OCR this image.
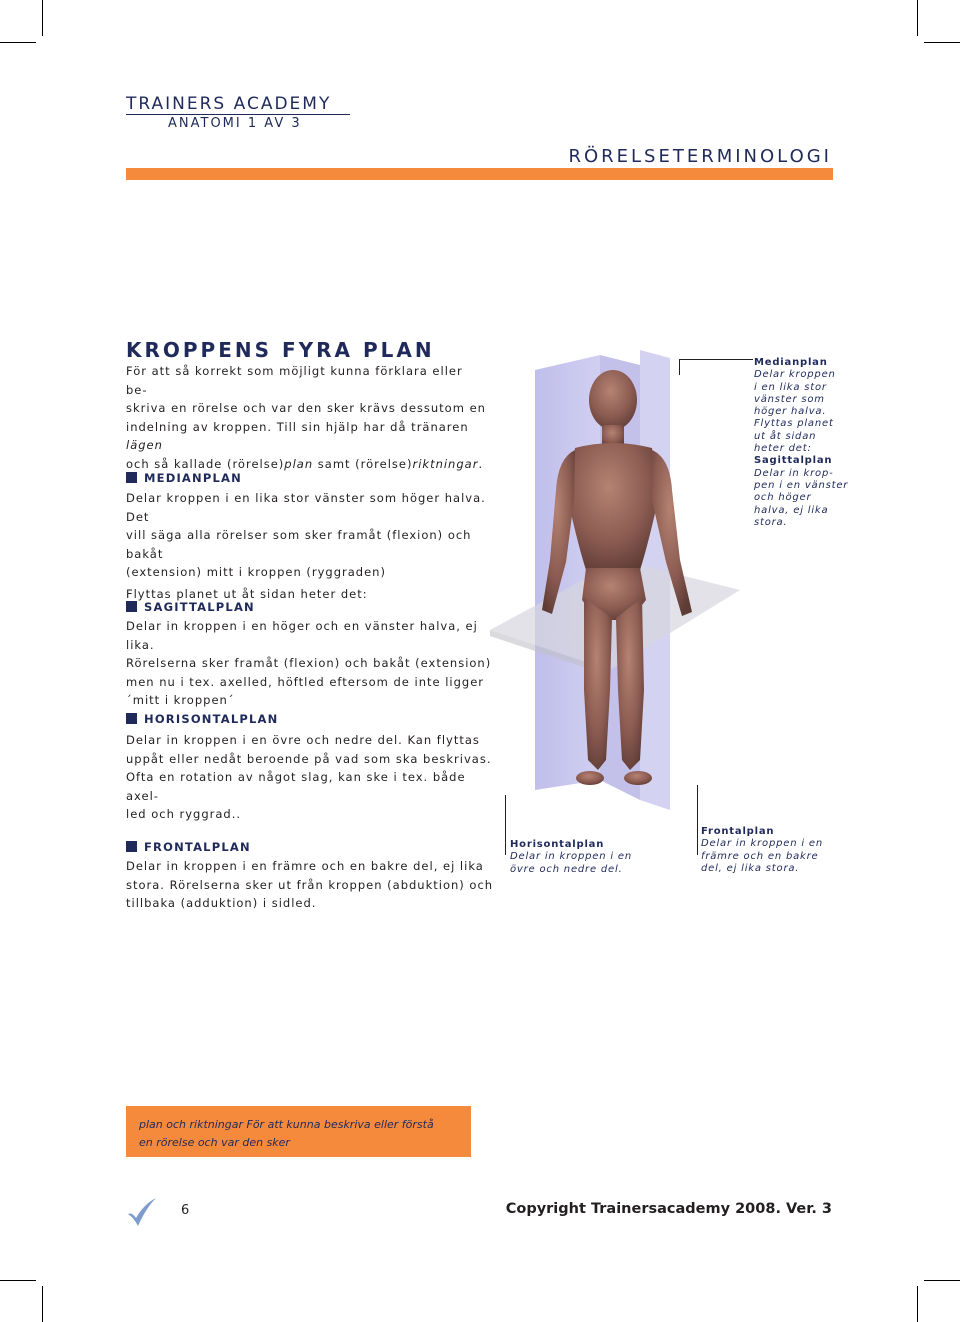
TRAINERS ACADEMY
ANATOMI 1 AV 3
RÖRELSETERMINOLOGI
KROPPENS FYRA PLAN
För att så korrekt som möjligt kunna förklara eller be-
skriva en rörelse och var den sker krävs dessutom en
indelning av kroppen. Till sin hjälp har då tränaren lägen
och så kallade (rörelse)plan samt (rörelse)riktningar.
MEDIANPLAN
Delar kroppen i en lika stor vänster som höger halva. Det
vill säga alla rörelser som sker framåt (flexion) och bakåt
(extension) mitt i kroppen (ryggraden)
Flyttas planet ut åt sidan heter det:
SAGITTALPLAN
Delar in kroppen i en höger och en vänster halva, ej lika.
Rörelserna sker framåt (flexion) och bakåt (extension)
men nu i tex. axelled, höftled eftersom de inte ligger
´mitt i kroppen´
HORISONTALPLAN
Delar in kroppen i en övre och nedre del. Kan flyttas
uppåt eller nedåt beroende på vad som ska beskrivas.
Ofta en rotation av något slag, kan ske i tex. både axel-
led och ryggrad..
FRONTALPLAN
Delar in kroppen i en främre och en bakre del, ej lika
stora. Rörelserna sker ut från kroppen (abduktion) och
tillbaka (adduktion) i sidled.
Medianplan
Delar kroppen
i en lika stor
vänster som
höger halva.
Flyttas planet
ut åt sidan
heter det:
Sagittalplan
Delar in krop-
pen i en vänster
och höger
halva, ej lika
stora.
Horisontalplan
Delar in kroppen i en
övre och nedre del.
Frontalplan
Delar in kroppen i en
främre och en bakre
del, ej lika stora.
plan och riktningar För att kunna beskriva eller förstå
en rörelse och var den sker
6	Copyright Trainersacademy 2008. Ver. 3
